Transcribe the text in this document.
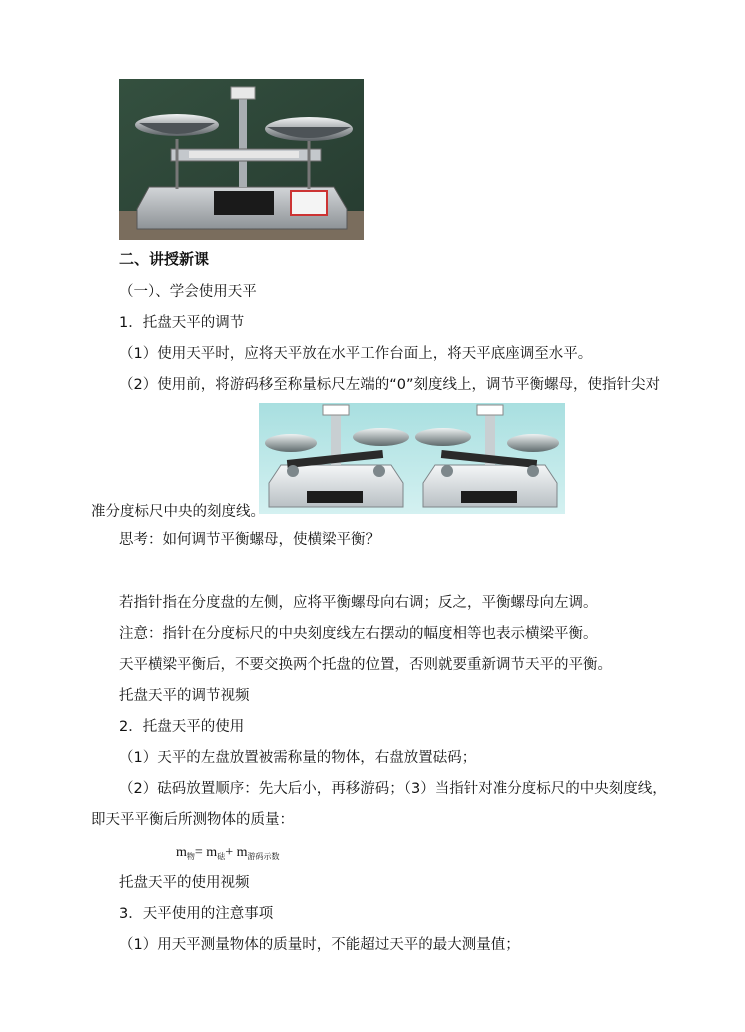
二、讲授新课
（一）、学会使用天平
1．托盘天平的调节
（1）使用天平时，应将天平放在水平工作台面上，将天平底座调至水平。
（2）使用前，将游码移至称量标尺左端的“0”刻度线上，调节平衡螺母，使指针尖对
准分度标尺中央的刻度线。
思考：如何调节平衡螺母，使横梁平衡？
若指针指在分度盘的左侧，应将平衡螺母向右调；反之，平衡螺母向左调。
注意：指针在分度标尺的中央刻度线左右摆动的幅度相等也表示横梁平衡。
天平横梁平衡后，不要交换两个托盘的位置，否则就要重新调节天平的平衡。
托盘天平的调节视频
2．托盘天平的使用
（1）天平的左盘放置被需称量的物体，右盘放置砝码；
（2）砝码放置顺序：先大后小，再移游码；（3）当指针对准分度标尺的中央刻度线，
即天平平衡后所测物体的质量：
$m_物= m_砝+ m_{游码示数}$
托盘天平的使用视频
3．天平使用的注意事项
（1）用天平测量物体的质量时，不能超过天平的最大测量值；
